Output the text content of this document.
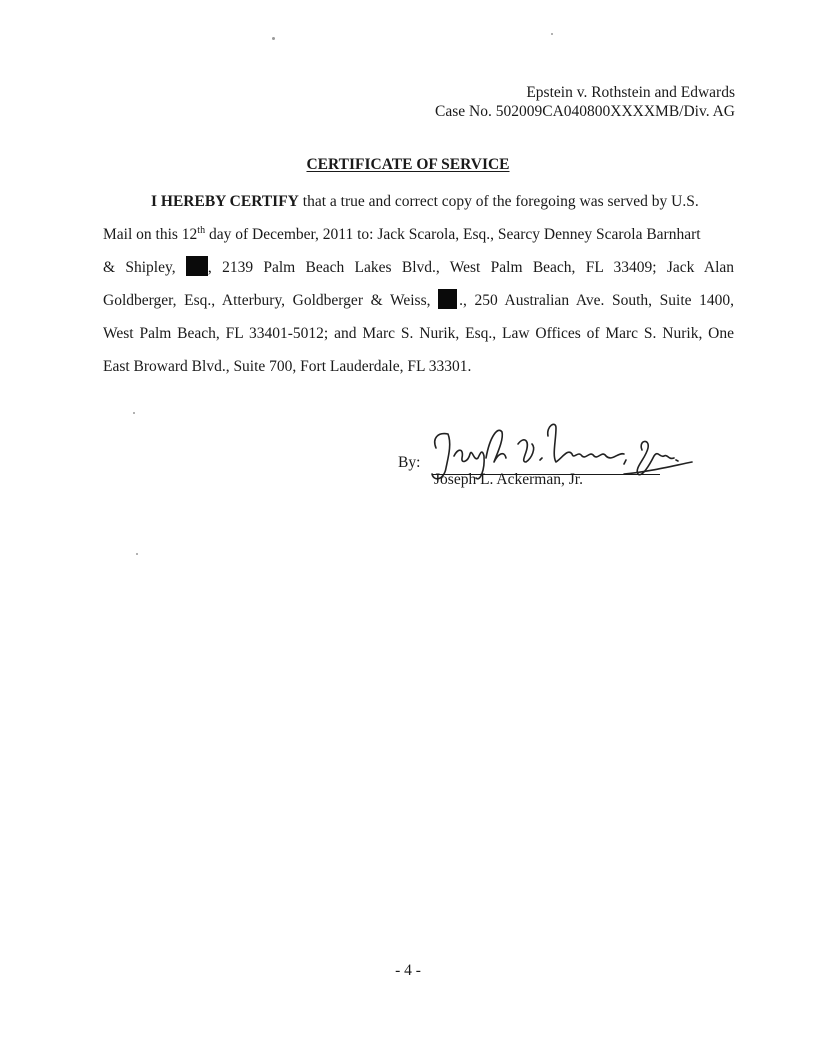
Epstein v. Rothstein and Edwards
Case No. 502009CA040800XXXXMB/Div. AG
CERTIFICATE OF SERVICE
I HEREBY CERTIFY that a true and correct copy of the foregoing was served by U.S.
Mail on this 12th day of December, 2011 to: Jack Scarola, Esq., Searcy Denney Scarola Barnhart
& Shipley, , 2139 Palm Beach Lakes Blvd., West Palm Beach, FL 33409; Jack Alan
Goldberger, Esq., Atterbury, Goldberger & Weiss, ., 250 Australian Ave. South, Suite 1400,
West Palm Beach, FL 33401-5012; and Marc S. Nurik, Esq., Law Offices of Marc S. Nurik, One
East Broward Blvd., Suite 700, Fort Lauderdale, FL 33301.
By:
Joseph L. Ackerman, Jr.
- 4 -
